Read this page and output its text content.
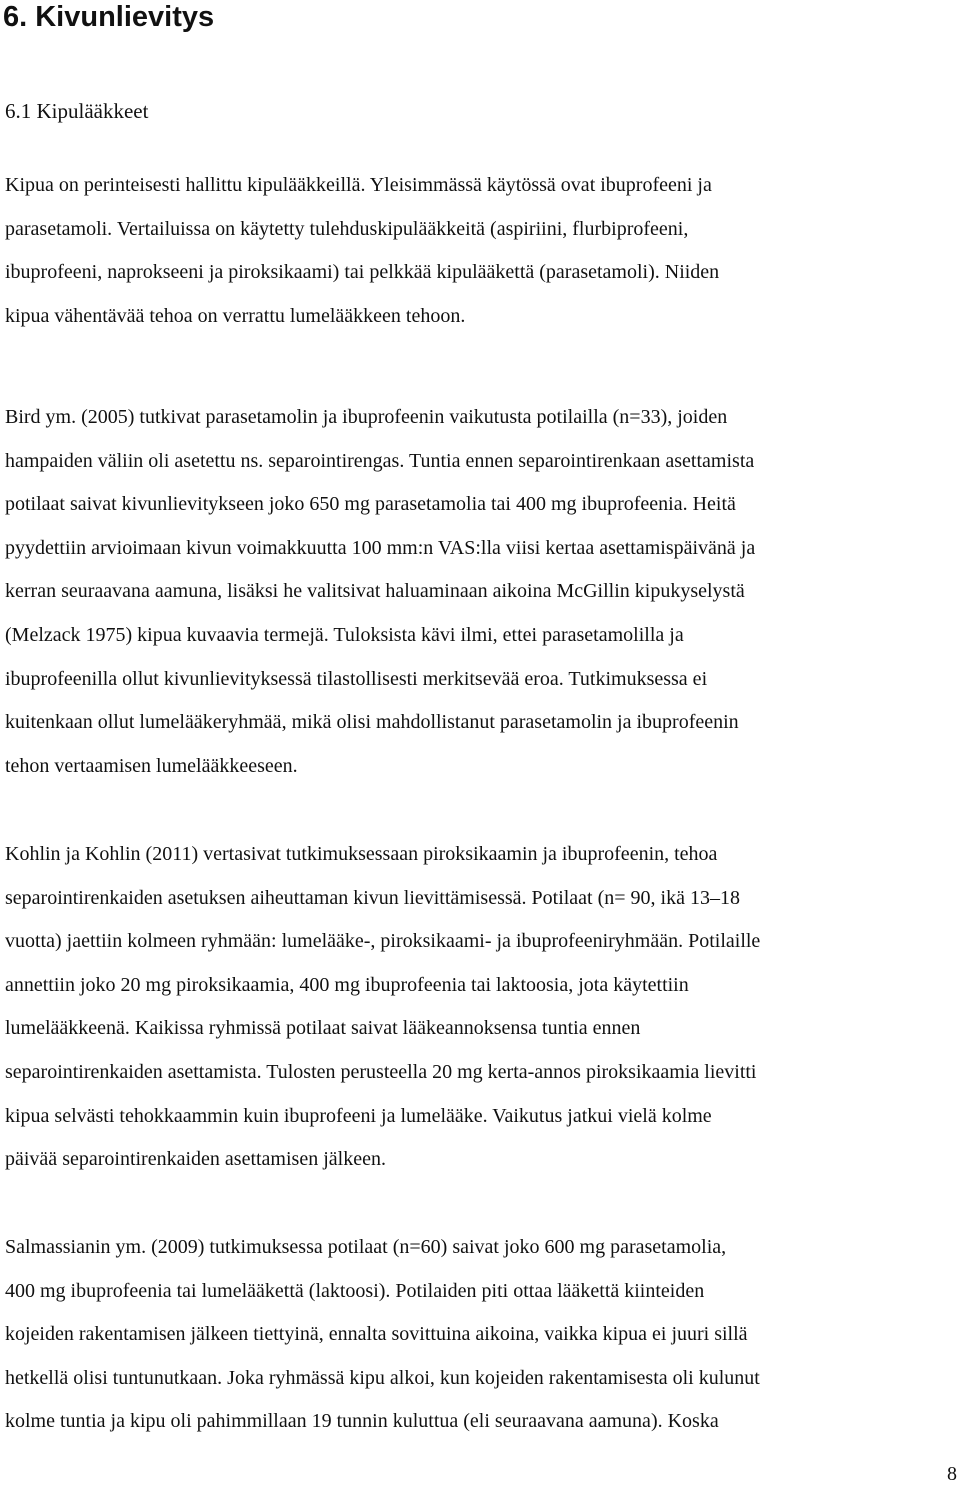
6. Kivunlievitys
6.1 Kipulääkkeet
Kipua on perinteisesti hallittu kipulääkkeillä. Yleisimmässä käytössä ovat ibuprofeeni ja
parasetamoli. Vertailuissa on käytetty tulehduskipulääkkeitä (aspiriini, flurbiprofeeni,
ibuprofeeni, naprokseeni ja piroksikaami) tai pelkkää kipulääkettä (parasetamoli). Niiden
kipua vähentävää tehoa on verrattu lumelääkkeen tehoon.
Bird ym. (2005) tutkivat parasetamolin ja ibuprofeenin vaikutusta potilailla (n=33), joiden
hampaiden väliin oli asetettu ns. separointirengas. Tuntia ennen separointirenkaan asettamista
potilaat saivat kivunlievitykseen joko 650 mg parasetamolia tai 400 mg ibuprofeenia. Heitä
pyydettiin arvioimaan kivun voimakkuutta 100 mm:n VAS:lla viisi kertaa asettamispäivänä ja
kerran seuraavana aamuna, lisäksi he valitsivat haluaminaan aikoina McGillin kipukyselystä
(Melzack 1975) kipua kuvaavia termejä. Tuloksista kävi ilmi, ettei parasetamolilla ja
ibuprofeenilla ollut kivunlievityksessä tilastollisesti merkitsevää eroa. Tutkimuksessa ei
kuitenkaan ollut lumelääkeryhmää, mikä olisi mahdollistanut parasetamolin ja ibuprofeenin
tehon vertaamisen lumelääkkeeseen.
Kohlin ja Kohlin (2011) vertasivat tutkimuksessaan piroksikaamin ja ibuprofeenin, tehoa
separointirenkaiden asetuksen aiheuttaman kivun lievittämisessä. Potilaat (n= 90, ikä 13–18
vuotta) jaettiin kolmeen ryhmään: lumelääke-, piroksikaami- ja ibuprofeeniryhmään. Potilaille
annettiin joko 20 mg piroksikaamia, 400 mg ibuprofeenia tai laktoosia, jota käytettiin
lumelääkkeenä. Kaikissa ryhmissä potilaat saivat lääkeannoksensa tuntia ennen
separointirenkaiden asettamista. Tulosten perusteella 20 mg kerta-annos piroksikaamia lievitti
kipua selvästi tehokkaammin kuin ibuprofeeni ja lumelääke. Vaikutus jatkui vielä kolme
päivää separointirenkaiden asettamisen jälkeen.
Salmassianin ym. (2009) tutkimuksessa potilaat (n=60) saivat joko 600 mg parasetamolia,
400 mg ibuprofeenia tai lumelääkettä (laktoosi). Potilaiden piti ottaa lääkettä kiinteiden
kojeiden rakentamisen jälkeen tiettyinä, ennalta sovittuina aikoina, vaikka kipua ei juuri sillä
hetkellä olisi tuntunutkaan. Joka ryhmässä kipu alkoi, kun kojeiden rakentamisesta oli kulunut
kolme tuntia ja kipu oli pahimmillaan 19 tunnin kuluttua (eli seuraavana aamuna). Koska
8
